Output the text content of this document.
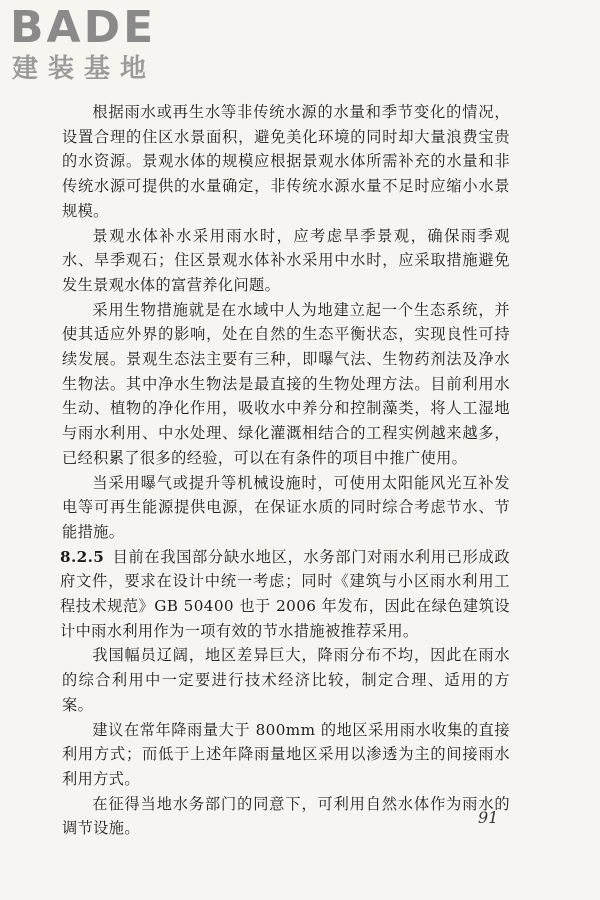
BADE
建装基地

根据雨水或再生水等非传统水源的水量和季节变化的情况，设置合理的住区水景面积，避免美化环境的同时却大量浪费宝贵的水资源。景观水体的规模应根据景观水体所需补充的水量和非传统水源可提供的水量确定，非传统水源水量不足时应缩小水景规模。

景观水体补水采用雨水时，应考虑旱季景观，确保雨季观水、旱季观石；住区景观水体补水采用中水时，应采取措施避免发生景观水体的富营养化问题。

采用生物措施就是在水域中人为地建立起一个生态系统，并使其适应外界的影响，处在自然的生态平衡状态，实现良性可持续发展。景观生态法主要有三种，即曝气法、生物药剂法及净水生物法。其中净水生物法是最直接的生物处理方法。目前利用水生动、植物的净化作用，吸收水中养分和控制藻类，将人工湿地与雨水利用、中水处理、绿化灌溉相结合的工程实例越来越多，已经积累了很多的经验，可以在有条件的项目中推广使用。

当采用曝气或提升等机械设施时，可使用太阳能风光互补发电等可再生能源提供电源，在保证水质的同时综合考虑节水、节能措施。

8.2.5 目前在我国部分缺水地区，水务部门对雨水利用已形成政府文件，要求在设计中统一考虑；同时《建筑与小区雨水利用工程技术规范》GB 50400 也于 2006 年发布，因此在绿色建筑设计中雨水利用作为一项有效的节水措施被推荐采用。

我国幅员辽阔，地区差异巨大，降雨分布不均，因此在雨水的综合利用中一定要进行技术经济比较，制定合理、适用的方案。

建议在常年降雨量大于 800mm 的地区采用雨水收集的直接利用方式；而低于上述年降雨量地区采用以渗透为主的间接雨水利用方式。

在征得当地水务部门的同意下，可利用自然水体作为雨水的调节设施。

91
